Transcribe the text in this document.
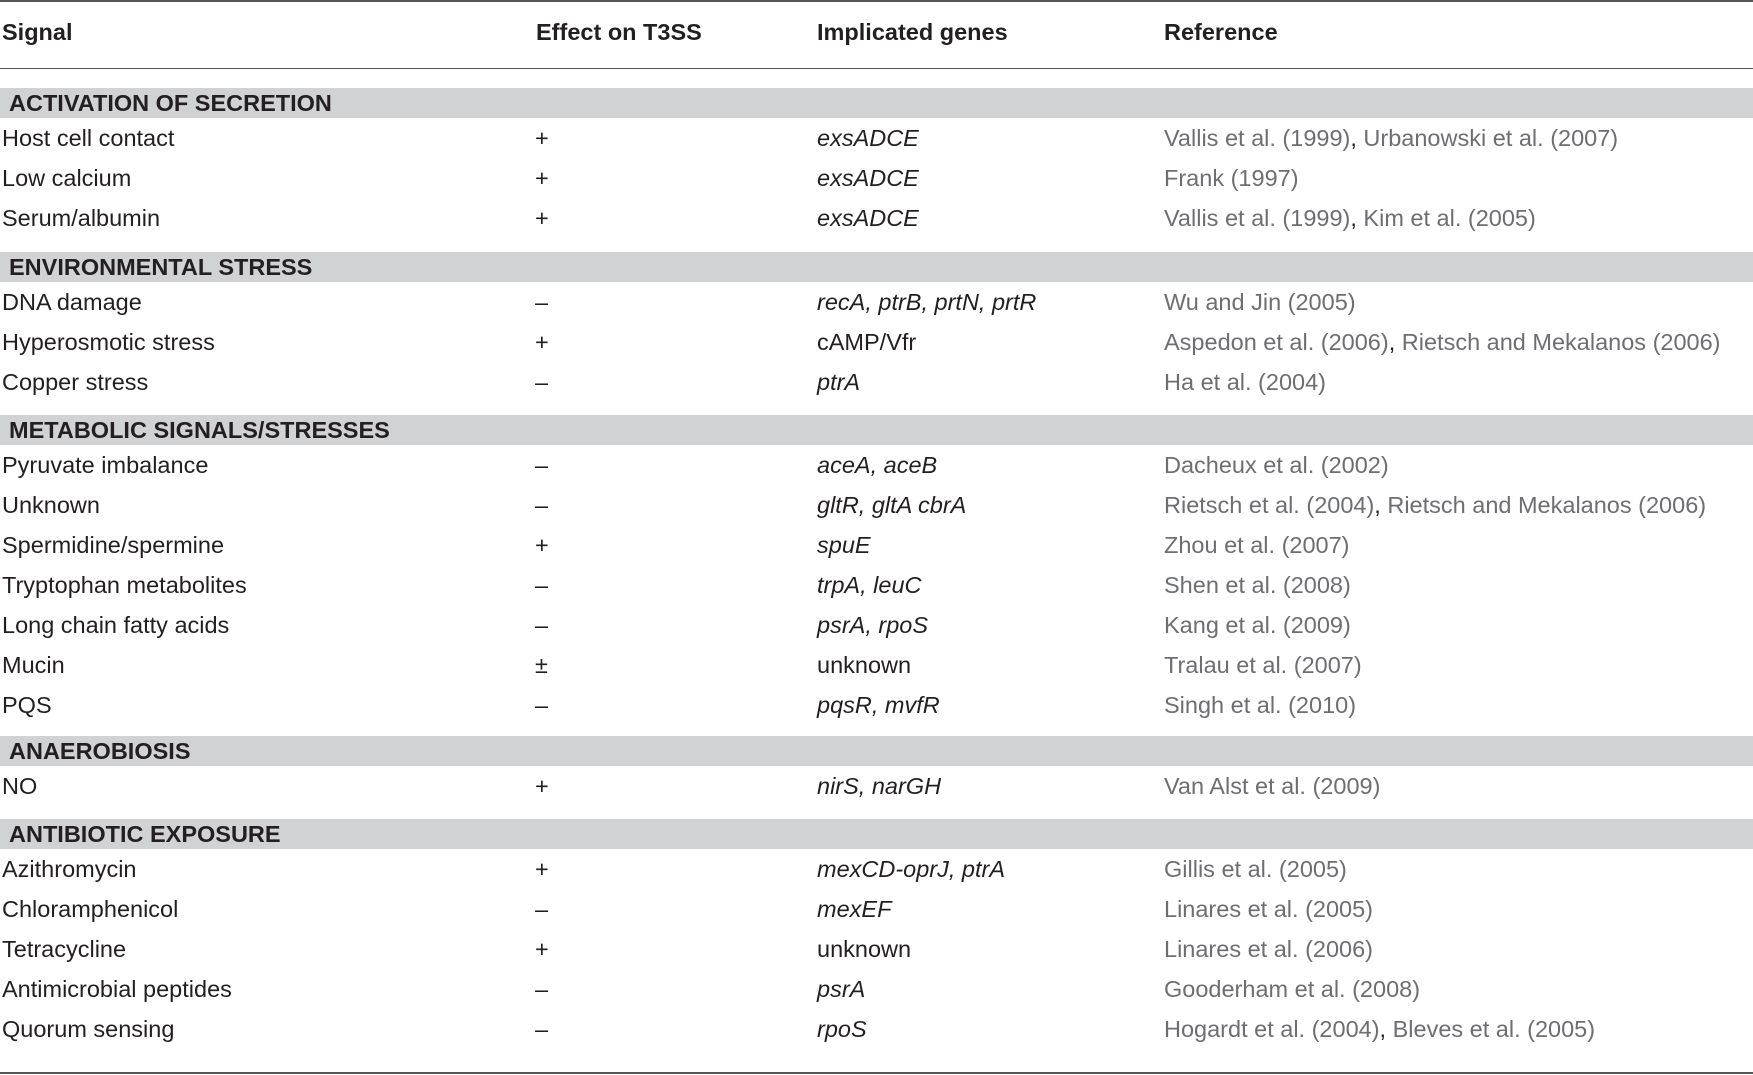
Signal	Effect on T3SS	Implicated genes	Reference
ACTIVATION OF SECRETION
Host cell contact	+	exsADCE	Vallis et al. (1999), Urbanowski et al. (2007)
Low calcium	+	exsADCE	Frank (1997)
Serum/albumin	+	exsADCE	Vallis et al. (1999), Kim et al. (2005)
ENVIRONMENTAL STRESS
DNA damage	–	recA, ptrB, prtN, prtR	Wu and Jin (2005)
Hyperosmotic stress	+	cAMP/Vfr	Aspedon et al. (2006), Rietsch and Mekalanos (2006)
Copper stress	–	ptrA	Ha et al. (2004)
METABOLIC SIGNALS/STRESSES
Pyruvate imbalance	–	aceA, aceB	Dacheux et al. (2002)
Unknown	–	gltR, gltA cbrA	Rietsch et al. (2004), Rietsch and Mekalanos (2006)
Spermidine/spermine	+	spuE	Zhou et al. (2007)
Tryptophan metabolites	–	trpA, leuC	Shen et al. (2008)
Long chain fatty acids	–	psrA, rpoS	Kang et al. (2009)
Mucin	±	unknown	Tralau et al. (2007)
PQS	–	pqsR, mvfR	Singh et al. (2010)
ANAEROBIOSIS
NO	+	nirS, narGH	Van Alst et al. (2009)
ANTIBIOTIC EXPOSURE
Azithromycin	+	mexCD-oprJ, ptrA	Gillis et al. (2005)
Chloramphenicol	–	mexEF	Linares et al. (2005)
Tetracycline	+	unknown	Linares et al. (2006)
Antimicrobial peptides	–	psrA	Gooderham et al. (2008)
Quorum sensing	–	rpoS	Hogardt et al. (2004), Bleves et al. (2005)
